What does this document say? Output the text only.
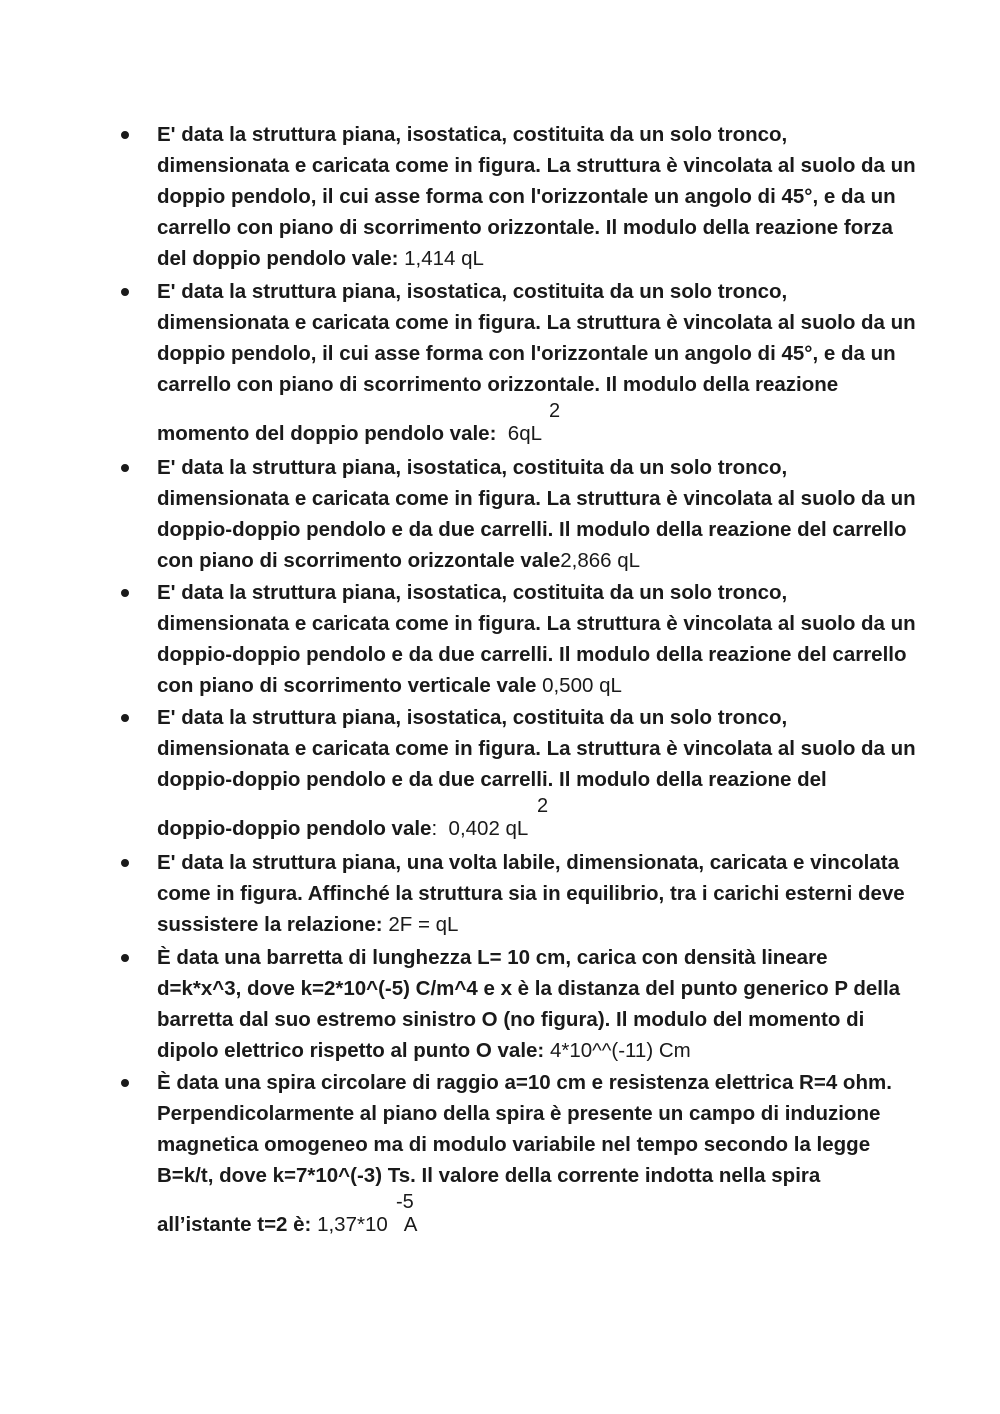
E' data la struttura piana, isostatica, costituita da un solo tronco, dimensionata e caricata come in figura. La struttura è vincolata al suolo da un doppio pendolo, il cui asse forma con l'orizzontale un angolo di 45°, e da un carrello con piano di scorrimento orizzontale. Il modulo della reazione forza del doppio pendolo vale: 1,414 qL
E' data la struttura piana, isostatica, costituita da un solo tronco, dimensionata e caricata come in figura. La struttura è vincolata al suolo da un doppio pendolo, il cui asse forma con l'orizzontale un angolo di 45°, e da un carrello con piano di scorrimento orizzontale. Il modulo della reazione
2
momento del doppio pendolo vale:  6qL
E' data la struttura piana, isostatica, costituita da un solo tronco, dimensionata e caricata come in figura. La struttura è vincolata al suolo da un doppio-doppio pendolo e da due carrelli. Il modulo della reazione del carrello con piano di scorrimento orizzontale vale2,866 qL
E' data la struttura piana, isostatica, costituita da un solo tronco, dimensionata e caricata come in figura. La struttura è vincolata al suolo da un doppio-doppio pendolo e da due carrelli. Il modulo della reazione del carrello con piano di scorrimento verticale vale 0,500 qL
E' data la struttura piana, isostatica, costituita da un solo tronco, dimensionata e caricata come in figura. La struttura è vincolata al suolo da un doppio-doppio pendolo e da due carrelli. Il modulo della reazione del
2
doppio-doppio pendolo vale:  0,402 qL
E' data la struttura piana, una volta labile, dimensionata, caricata e vincolata come in figura. Affinché la struttura sia in equilibrio, tra i carichi esterni deve sussistere la relazione: 2F = qL
È data una barretta di lunghezza L= 10 cm, carica con densità lineare d=k*x^3, dove k=2*10^(-5) C/m^4 e x è la distanza del punto generico P della barretta dal suo estremo sinistro O (no figura). Il modulo del momento di dipolo elettrico rispetto al punto O vale: 4*10^^(-11) Cm
È data una spira circolare di raggio a=10 cm e resistenza elettrica R=4 ohm. Perpendicolarmente al piano della spira è presente un campo di induzione magnetica omogeneo ma di modulo variabile nel tempo secondo la legge B=k/t, dove k=7*10^(-3) Ts. Il valore della corrente indotta nella spira
-5
all’istante t=2 è: 1,37*10 A
